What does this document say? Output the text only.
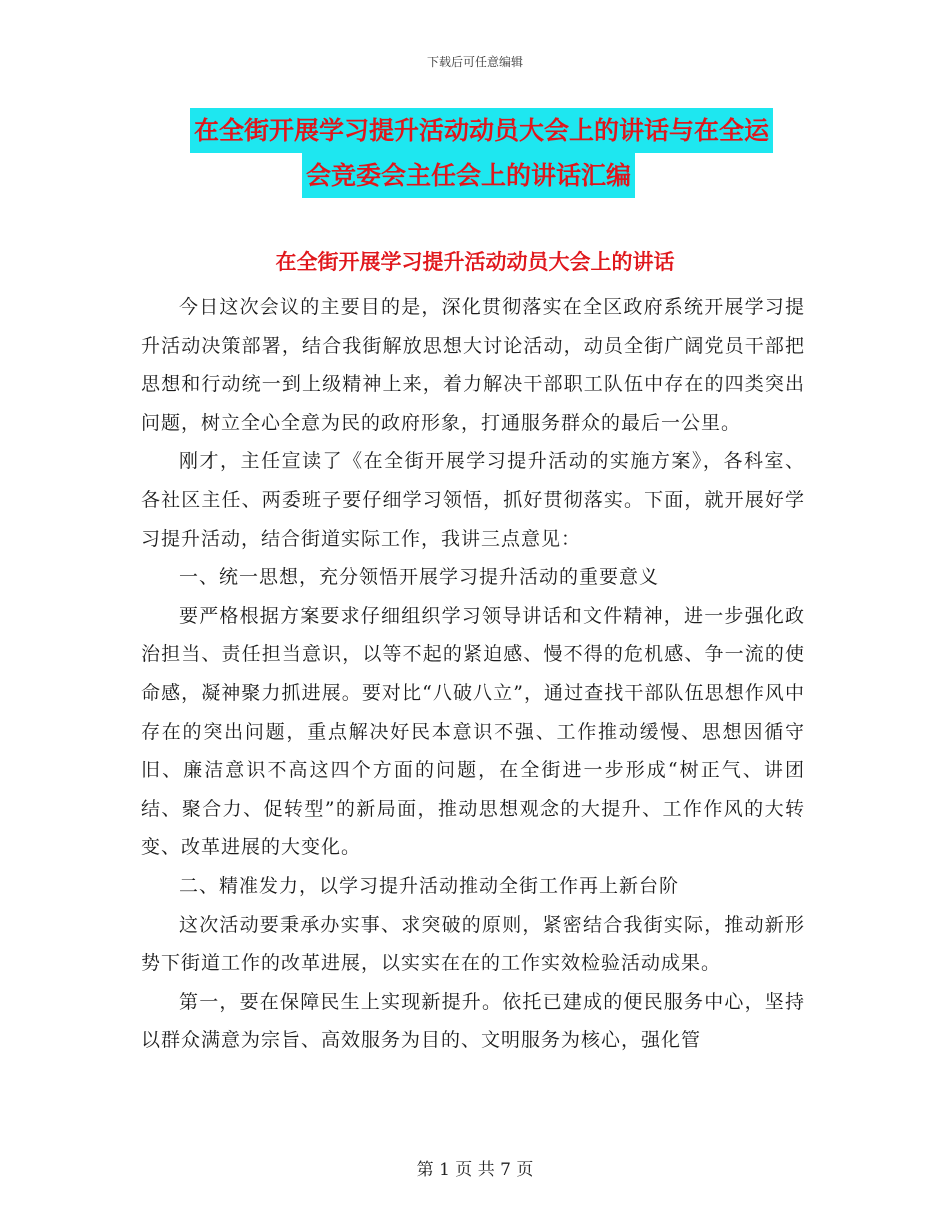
下载后可任意编辑
在全街开展学习提升活动动员大会上的讲话与在全运
会竞委会主任会上的讲话汇编
在全街开展学习提升活动动员大会上的讲话

今日这次会议的主要目的是，深化贯彻落实在全区政府系统开展学习提升活动决策部署，结合我街解放思想大讨论活动，动员全街广阔党员干部把思想和行动统一到上级精神上来，着力解决干部职工队伍中存在的四类突出问题，树立全心全意为民的政府形象，打通服务群众的最后一公里。

刚才，主任宣读了《在全街开展学习提升活动的实施方案》，各科室、各社区主任、两委班子要仔细学习领悟，抓好贯彻落实。下面，就开展好学习提升活动，结合街道实际工作，我讲三点意见：

一、统一思想，充分领悟开展学习提升活动的重要意义

要严格根据方案要求仔细组织学习领导讲话和文件精神，进一步强化政治担当、责任担当意识，以等不起的紧迫感、慢不得的危机感、争一流的使命感，凝神聚力抓进展。要对比“八破八立”，通过查找干部队伍思想作风中存在的突出问题，重点解决好民本意识不强、工作推动缓慢、思想因循守旧、廉洁意识不高这四个方面的问题，在全街进一步形成“树正气、讲团结、聚合力、促转型”的新局面，推动思想观念的大提升、工作作风的大转变、改革进展的大变化。

二、精准发力，以学习提升活动推动全街工作再上新台阶

这次活动要秉承办实事、求突破的原则，紧密结合我街实际，推动新形势下街道工作的改革进展，以实实在在的工作实效检验活动成果。

第一，要在保障民生上实现新提升。依托已建成的便民服务中心，坚持以群众满意为宗旨、高效服务为目的、文明服务为核心，强化管

第 1 页 共 7 页
